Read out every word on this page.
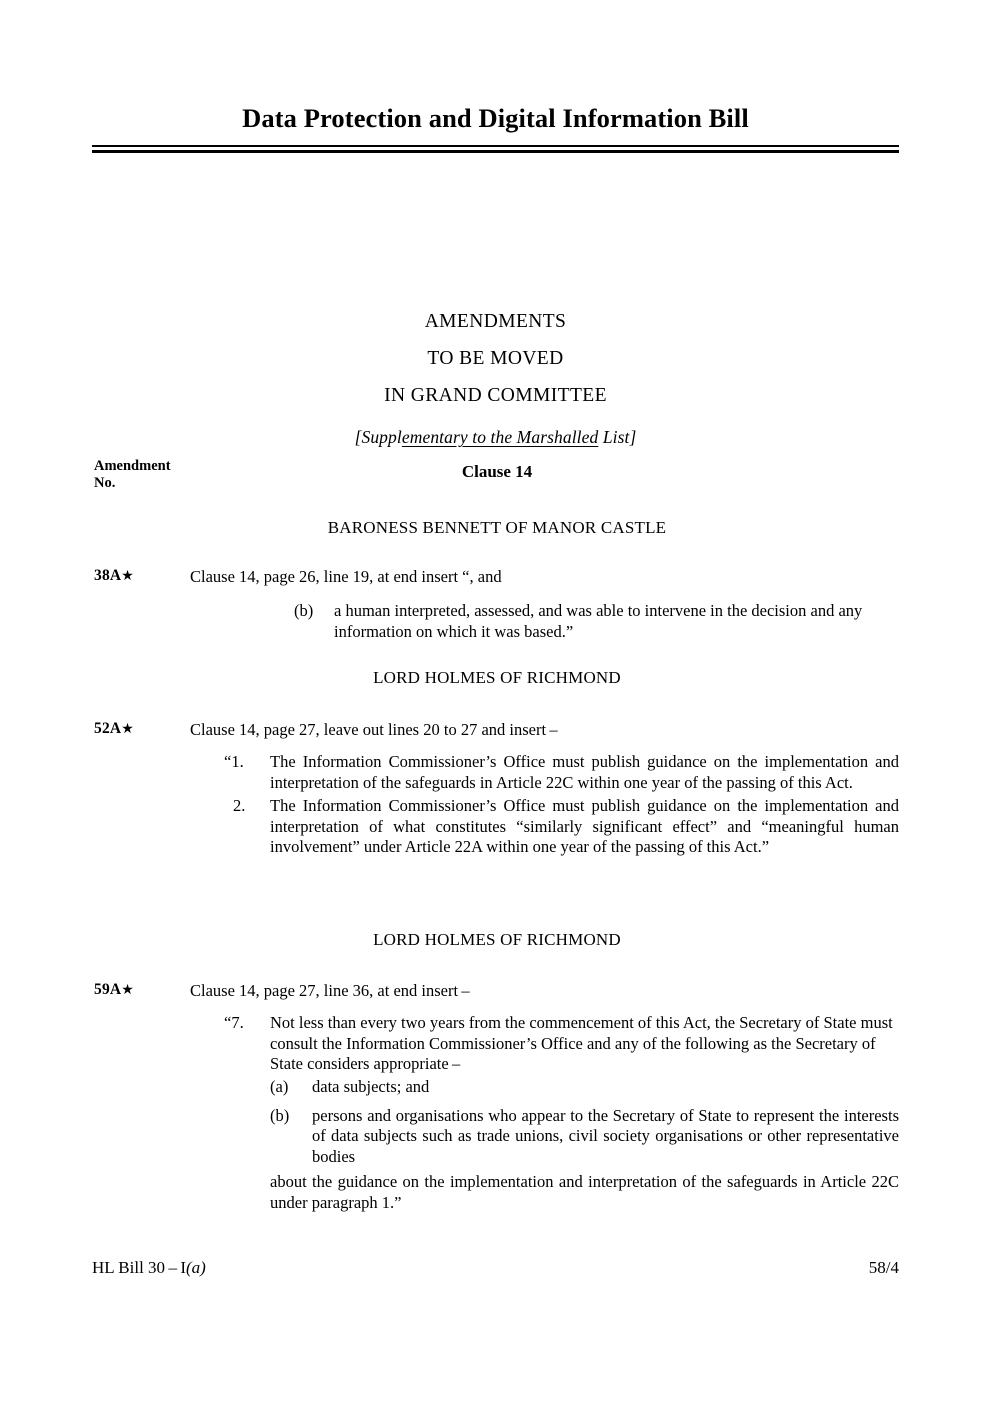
Data Protection and Digital Information Bill
AMENDMENTS
TO BE MOVED
IN GRAND COMMITTEE
[Supplementary to the Marshalled List]
Amendment
No.
Clause 14
BARONESS BENNETT OF MANOR CASTLE
38A★	Clause 14, page 26, line 19, at end insert “, and
(b)	a human interpreted, assessed, and was able to intervene in the decision and any information on which it was based.”
LORD HOLMES OF RICHMOND
52A★	Clause 14, page 27, leave out lines 20 to 27 and insert –
“1.	The Information Commissioner’s Office must publish guidance on the implementation and interpretation of the safeguards in Article 22C within one year of the passing of this Act.
2.	The Information Commissioner’s Office must publish guidance on the implementation and interpretation of what constitutes “similarly significant effect” and “meaningful human involvement” under Article 22A within one year of the passing of this Act.”
LORD HOLMES OF RICHMOND
59A★	Clause 14, page 27, line 36, at end insert –
“7.	Not less than every two years from the commencement of this Act, the Secretary of State must consult the Information Commissioner’s Office and any of the following as the Secretary of State considers appropriate –
(a)	data subjects; and
(b)	persons and organisations who appear to the Secretary of State to represent the interests of data subjects such as trade unions, civil society organisations or other representative bodies
about the guidance on the implementation and interpretation of the safeguards in Article 22C under paragraph 1.”
HL Bill 30 – I(a)	58/4
